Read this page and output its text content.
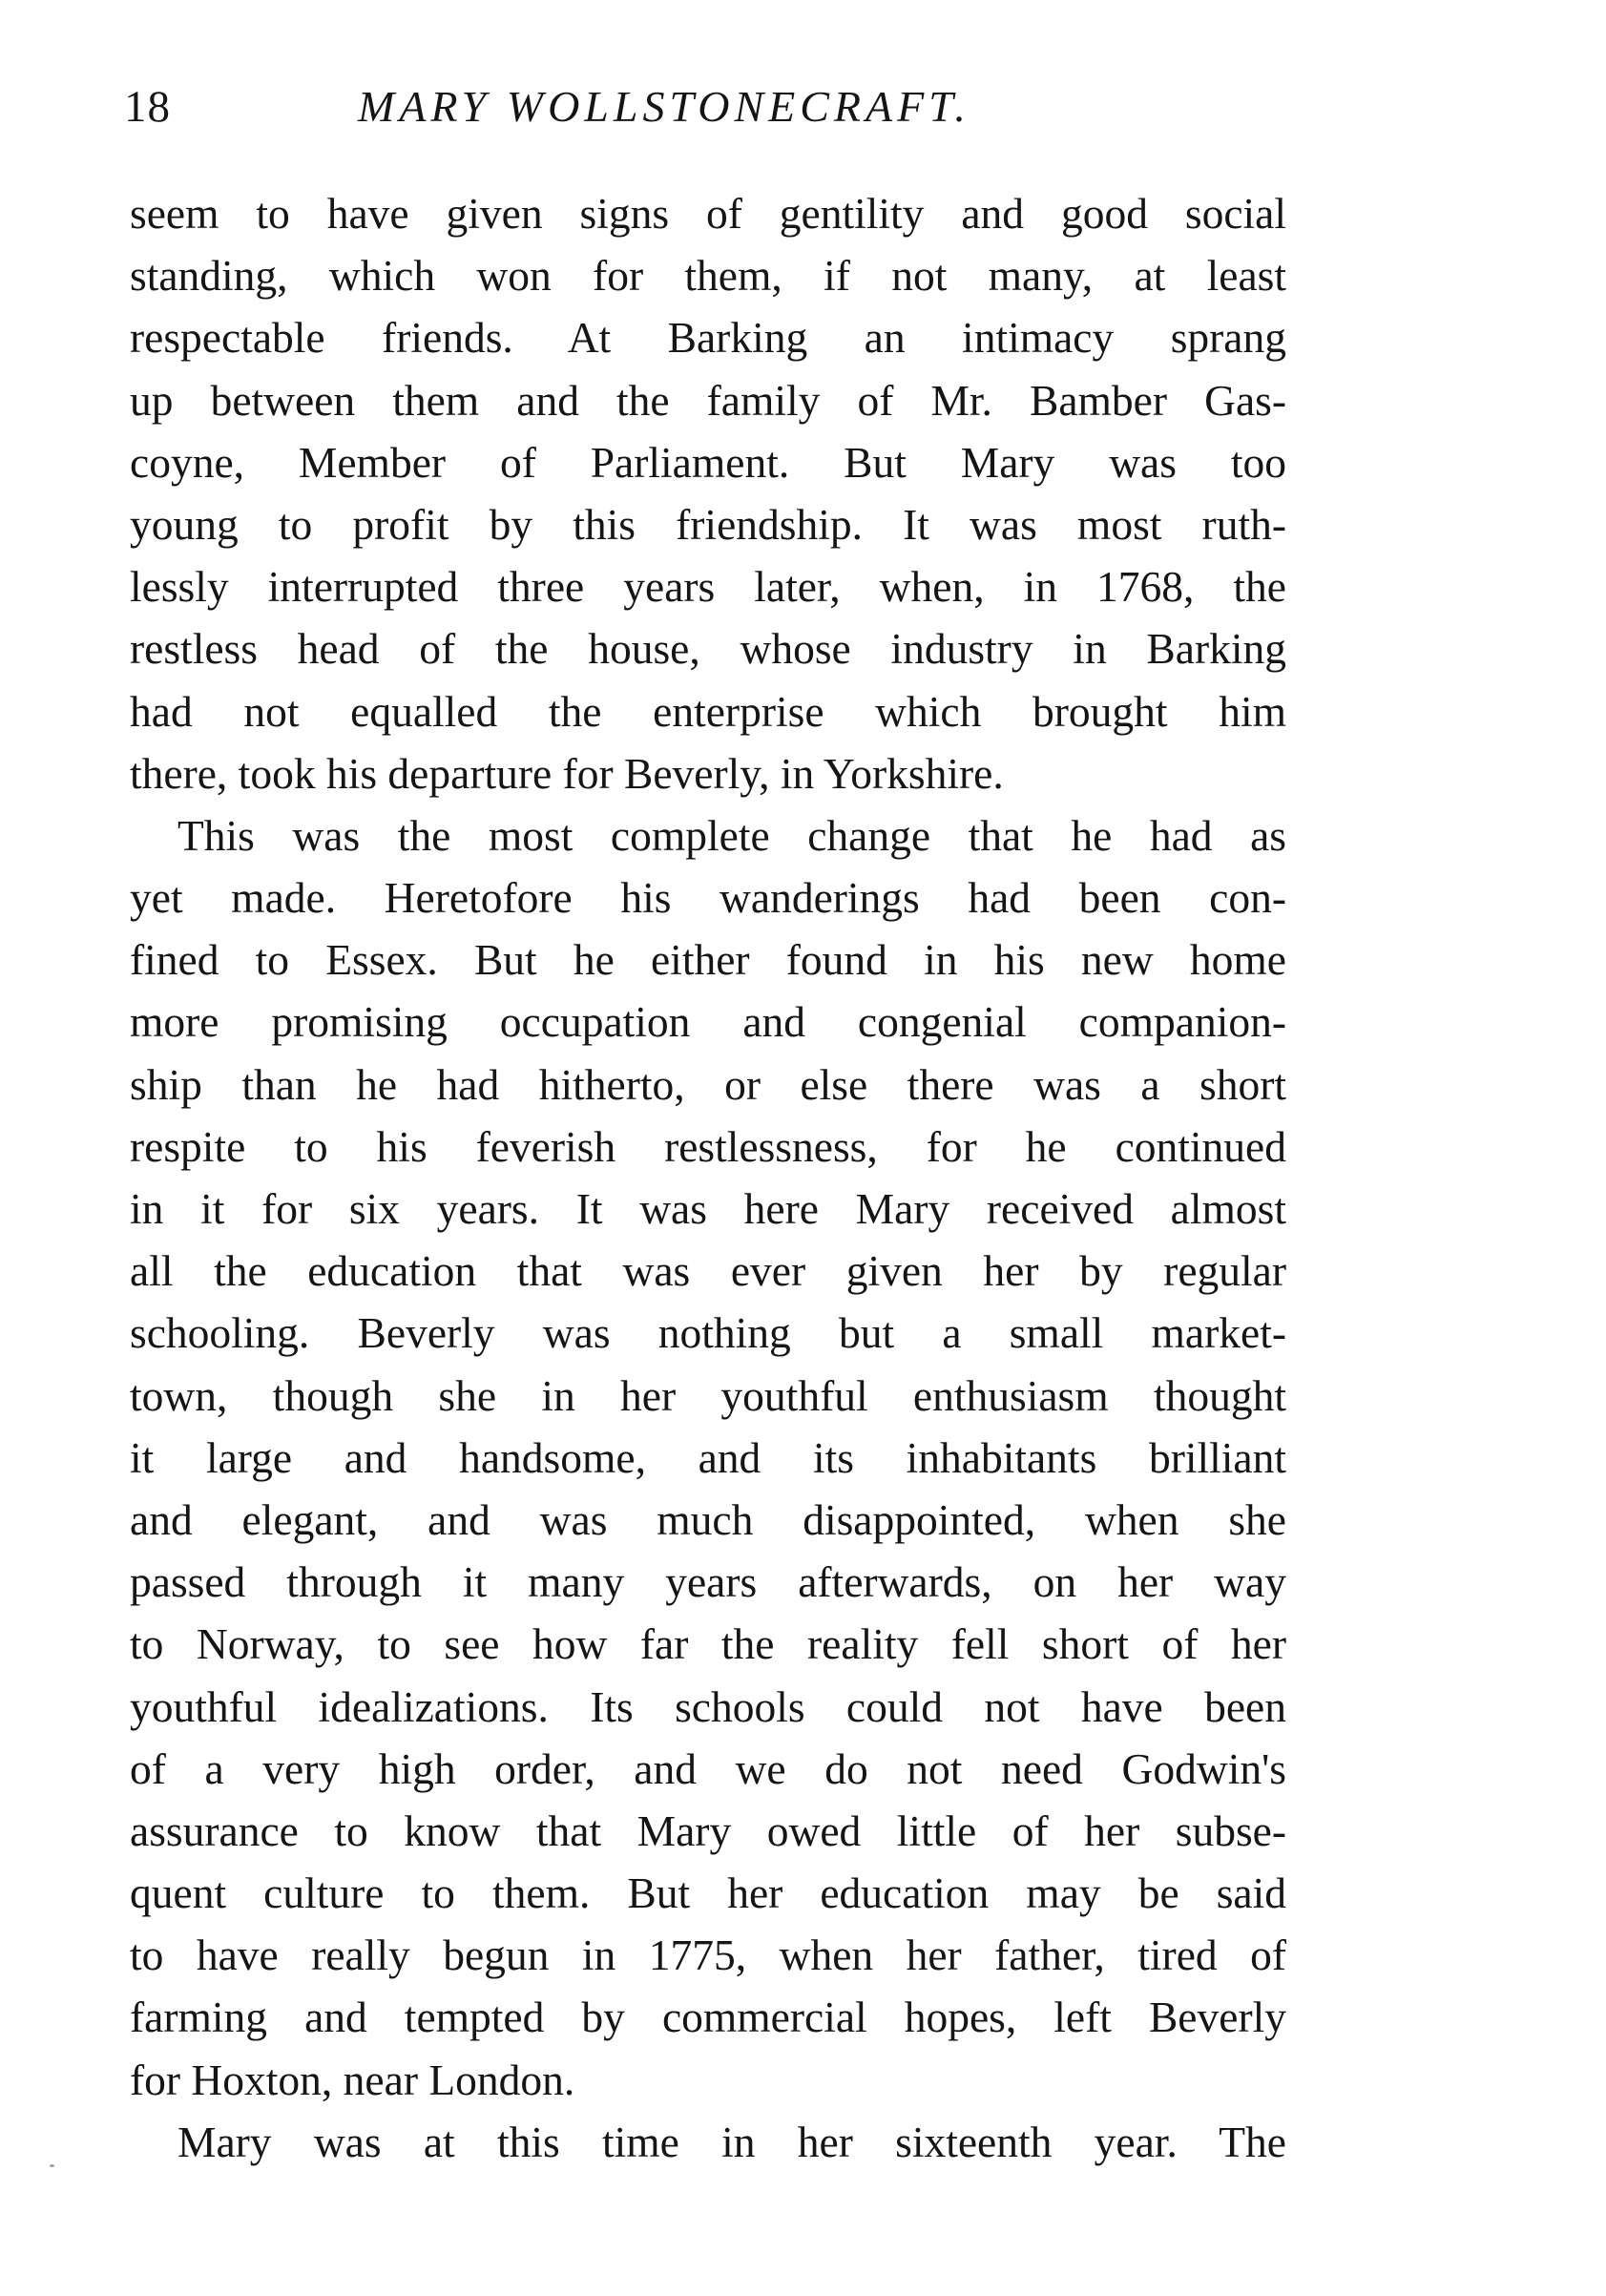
18	MARY WOLLSTONECRAFT.
seem to have given signs of gentility and good social
standing, which won for them, if not many, at least
respectable friends. At Barking an intimacy sprang
up between them and the family of Mr. Bamber Gas-
coyne, Member of Parliament. But Mary was too
young to profit by this friendship. It was most ruth-
lessly interrupted three years later, when, in 1768, the
restless head of the house, whose industry in Barking
had not equalled the enterprise which brought him
there, took his departure for Beverly, in Yorkshire.
This was the most complete change that he had as
yet made. Heretofore his wanderings had been con-
fined to Essex. But he either found in his new home
more promising occupation and congenial companion-
ship than he had hitherto, or else there was a short
respite to his feverish restlessness, for he continued
in it for six years. It was here Mary received almost
all the education that was ever given her by regular
schooling. Beverly was nothing but a small market-
town, though she in her youthful enthusiasm thought
it large and handsome, and its inhabitants brilliant
and elegant, and was much disappointed, when she
passed through it many years afterwards, on her way
to Norway, to see how far the reality fell short of her
youthful idealizations. Its schools could not have been
of a very high order, and we do not need Godwin's
assurance to know that Mary owed little of her subse-
quent culture to them. But her education may be said
to have really begun in 1775, when her father, tired of
farming and tempted by commercial hopes, left Beverly
for Hoxton, near London.
Mary was at this time in her sixteenth year. The
